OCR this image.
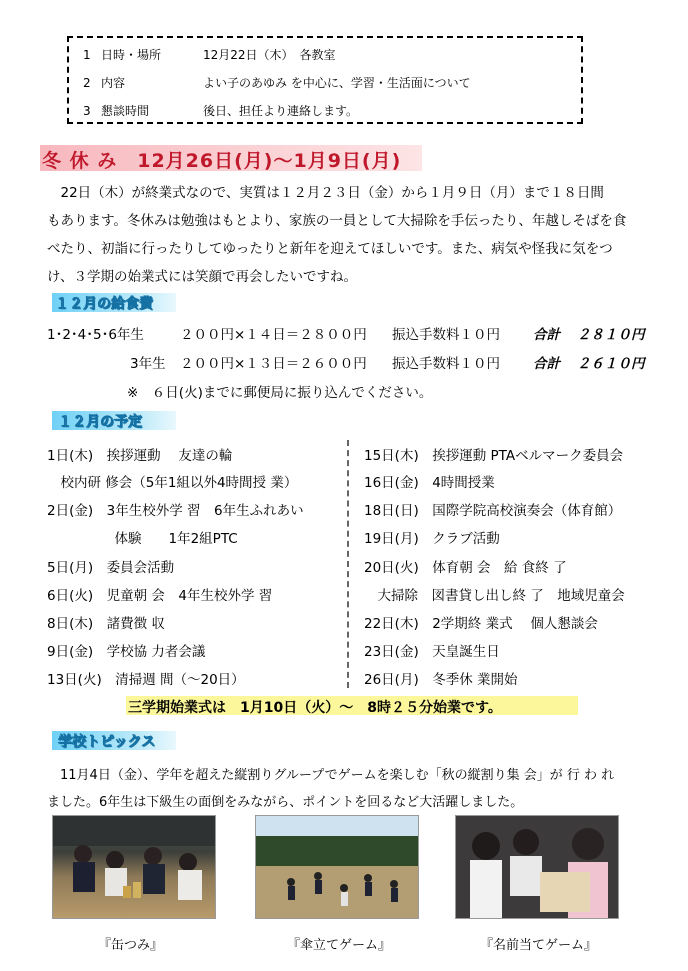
1 日時・場所	12月22日（木）　各教室
2 内容	よい子のあゆみ を中心に、学習・生活面について
3 懇談時間	後日、担任より連絡します。
冬 休 み　12月26日(月)～1月9日(月)
　22日（木）が終業式なので、実質は１２月２３日（金）から１月９日（月）まで１８日間
もあります。冬休みは勉強はもとより、家族の一員として大掃除を手伝ったり、年越しそばを食
べたり、初詣に行ったりしてゆったりと新年を迎えてほしいです。また、病気や怪我に気をつ
け、３学期の始業式には笑顔で再会したいですね。
１２月の給食費
1･2･4･5･6年生	２００円×１４日＝２８００円 振込手数料１０円 合計 ２８１０円
3年生 ２００円×１３日＝２６００円 振込手数料１０円 合計 ２６１０円
※　６日(火)までに郵便局に振り込んでください。
１２月の予定
1日(木)　挨拶運動　 友達の輪
　校内研 修会（5年1組以外4時間授 業）
2日(金)　3年生校外学 習　6年生ふれあい
　　　　　体験　　1年2組PTC
5日(月)　委員会活動
6日(火)　児童朝 会　4年生校外学 習
8日(木)　諸費徴 収
9日(金)　学校協 力者会議
13日(火)　清掃週 間（～20日）
15日(木)　挨拶運動 PTAベルマーク委員会
16日(金)　4時間授業
18日(日)　国際学院高校演奏会（体育館）
19日(月)　クラブ活動
20日(火)　体育朝 会　給 食終 了
　大掃除　図書貸し出し終 了　地域児童会
22日(木)　2学期終 業式　 個人懇談会
23日(金)　天皇誕生日
26日(月)　冬季休 業開始
三学期始業式は　1月10日（火）～　8時２５分始業です。
学校トピックス
　11月4日（金）、学年を超えた縦割りグループでゲームを楽しむ「秋の縦割り集 会」が 行 わ れ
ました。6年生は下級生の面倒をみながら、ポイントを回るなど大活躍しました。
『缶つみ』	『傘立てゲーム』	『名前当てゲーム』
